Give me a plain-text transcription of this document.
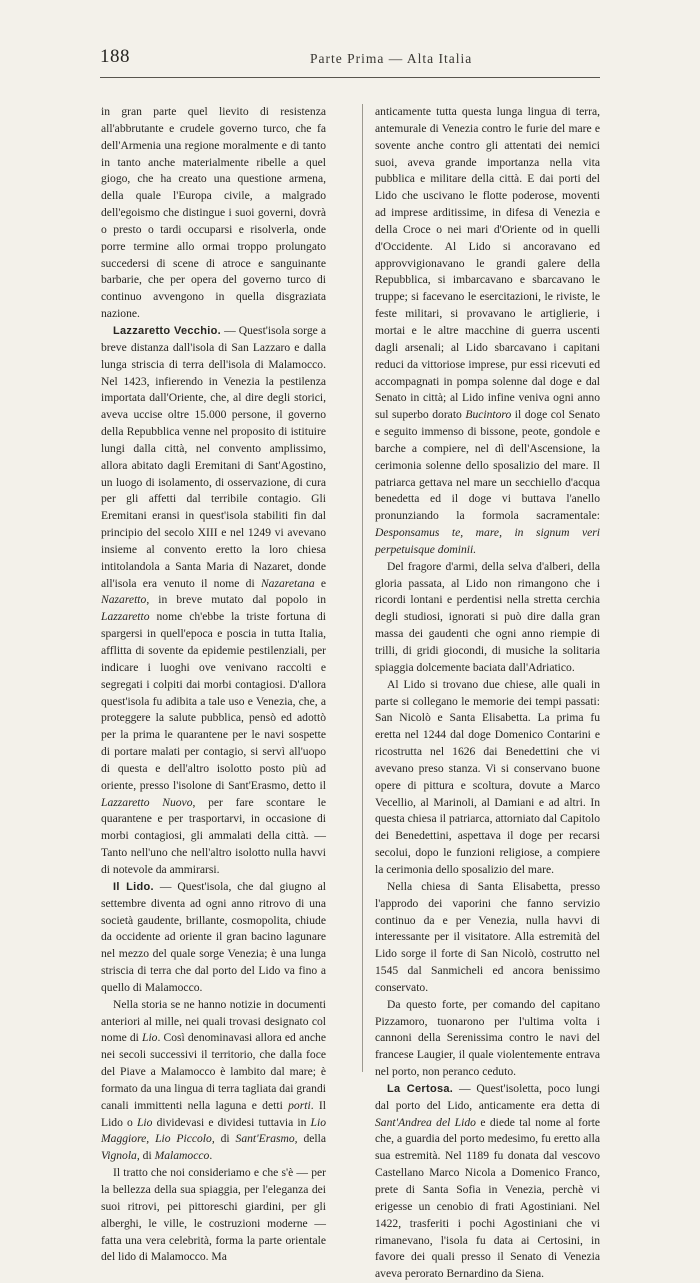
188	Parte Prima — Alta Italia

in gran parte quel lievito di resistenza all'abbrutante e crudele governo turco, che fa dell'Armenia una regione moralmente e di tanto in tanto anche materialmente ribelle a quel giogo, che ha creato una questione armena, della quale l'Europa civile, a malgrado dell'egoismo che distingue i suoi governi, dovrà o presto o tardi occuparsi e risolverla, onde porre termine allo ormai troppo prolungato succedersi di scene di atroce e sanguinante barbarie, che per opera del governo turco di continuo avvengono in quella disgraziata nazione.

Lazzaretto Vecchio. — Quest'isola sorge a breve distanza dall'isola di San Lazzaro e dalla lunga striscia di terra dell'isola di Malamocco. Nel 1423, infierendo in Venezia la pestilenza importata dall'Oriente, che, al dire degli storici, aveva uccise oltre 15.000 persone, il governo della Repubblica venne nel proposito di istituire lungi dalla città, nel convento amplissimo, allora abitato dagli Eremitani di Sant'Agostino, un luogo di isolamento, di osservazione, di cura per gli affetti dal terribile contagio. Gli Eremitani eransi in quest'isola stabiliti fin dal principio del secolo XIII e nel 1249 vi avevano insieme al convento eretto la loro chiesa intitolandola a Santa Maria di Nazaret, donde all'isola era venuto il nome di Nazaretana e Nazaretto, in breve mutato dal popolo in Lazzaretto nome ch'ebbe la triste fortuna di spargersi in quell'epoca e poscia in tutta Italia, afflitta di sovente da epidemie pestilenziali, per indicare i luoghi ove venivano raccolti e segregati i colpiti dai morbi contagiosi. D'allora quest'isola fu adibita a tale uso e Venezia, che, a proteggere la salute pubblica, pensò ed adottò per la prima le quarantene per le navi sospette di portare malati per contagio, si servì all'uopo di questa e dell'altro isolotto posto più ad oriente, presso l'isolone di Sant'Erasmo, detto il Lazzaretto Nuovo, per fare scontare le quarantene e per trasportarvi, in occasione di morbi contagiosi, gli ammalati della città. — Tanto nell'uno che nell'altro isolotto nulla havvi di notevole da ammirarsi.

Il Lido. — Quest'isola, che dal giugno al settembre diventa ad ogni anno ritrovo di una società gaudente, brillante, cosmopolita, chiude da occidente ad oriente il gran bacino lagunare nel mezzo del quale sorge Venezia; è una lunga striscia di terra che dal porto del Lido va fino a quello di Malamocco.

Nella storia se ne hanno notizie in documenti anteriori al mille, nei quali trovasi designato col nome di Lio. Così denominavasi allora ed anche nei secoli successivi il territorio, che dalla foce del Piave a Malamocco è lambito dal mare; è formato da una lingua di terra tagliata dai grandi canali immittenti nella laguna e detti porti. Il Lido o Lio dividevasi e dividesi tuttavia in Lio Maggiore, Lio Piccolo, di Sant'Erasmo, della Vignola, di Malamocco.

Il tratto che noi consideriamo e che s'è — per la bellezza della sua spiaggia, per l'eleganza dei suoi ritrovi, pei pittoreschi giardini, per gli alberghi, le ville, le costruzioni moderne — fatta una vera celebrità, forma la parte orientale del lido di Malamocco. Ma

anticamente tutta questa lunga lingua di terra, antemurale di Venezia contro le furie del mare e sovente anche contro gli attentati dei nemici suoi, aveva grande importanza nella vita pubblica e militare della città. E dai porti del Lido che uscivano le flotte poderose, moventi ad imprese arditissime, in difesa di Venezia e della Croce o nei mari d'Oriente od in quelli d'Occidente. Al Lido si ancoravano ed approvvigionavano le grandi galere della Repubblica, si imbarcavano e sbarcavano le truppe; si facevano le esercitazioni, le riviste, le feste militari, si provavano le artiglierie, i mortai e le altre macchine di guerra uscenti dagli arsenali; al Lido sbarcavano i capitani reduci da vittoriose imprese, pur essi ricevuti ed accompagnati in pompa solenne dal doge e dal Senato in città; al Lido infine veniva ogni anno sul superbo dorato Bucintoro il doge col Senato e seguito immenso di bissone, peote, gondole e barche a compiere, nel dì dell'Ascensione, la cerimonia solenne dello sposalizio del mare. Il patriarca gettava nel mare un secchiello d'acqua benedetta ed il doge vi buttava l'anello pronunziando la formola sacramentale: Desponsamus te, mare, in signum veri perpetuisque dominii.

Del fragore d'armi, della selva d'alberi, della gloria passata, al Lido non rimangono che i ricordi lontani e perdentisi nella stretta cerchia degli studiosi, ignorati si può dire dalla gran massa dei gaudenti che ogni anno riempie di trilli, di gridi giocondi, di musiche la solitaria spiaggia dolcemente baciata dall'Adriatico.

Al Lido si trovano due chiese, alle quali in parte si collegano le memorie dei tempi passati: San Nicolò e Santa Elisabetta. La prima fu eretta nel 1244 dal doge Domenico Contarini e ricostrutta nel 1626 dai Benedettini che vi avevano preso stanza. Vi si conservano buone opere di pittura e scoltura, dovute a Marco Vecellio, al Marinoli, al Damiani e ad altri. In questa chiesa il patriarca, attorniato dal Capitolo dei Benedettini, aspettava il doge per recarsi secolui, dopo le funzioni religiose, a compiere la cerimonia dello sposalizio del mare.

Nella chiesa di Santa Elisabetta, presso l'approdo dei vaporini che fanno servizio continuo da e per Venezia, nulla havvi di interessante per il visitatore. Alla estremità del Lido sorge il forte di San Nicolò, costrutto nel 1545 dal Sanmicheli ed ancora benissimo conservato.

Da questo forte, per comando del capitano Pizzamoro, tuonarono per l'ultima volta i cannoni della Serenissima contro le navi del francese Laugier, il quale violentemente entrava nel porto, non peranco ceduto.

La Certosa. — Quest'isoletta, poco lungi dal porto del Lido, anticamente era detta di Sant'Andrea del Lido e diede tal nome al forte che, a guardia del porto medesimo, fu eretto alla sua estremità. Nel 1189 fu donata dal vescovo Castellano Marco Nicola a Domenico Franco, prete di Santa Sofia in Venezia, perchè vi erigesse un cenobio di frati Agostiniani. Nel 1422, trasferiti i pochi Agostiniani che vi rimanevano, l'isola fu data ai Certosini, in favore dei quali presso il Senato di Venezia aveva perorato Bernardino da Siena.
